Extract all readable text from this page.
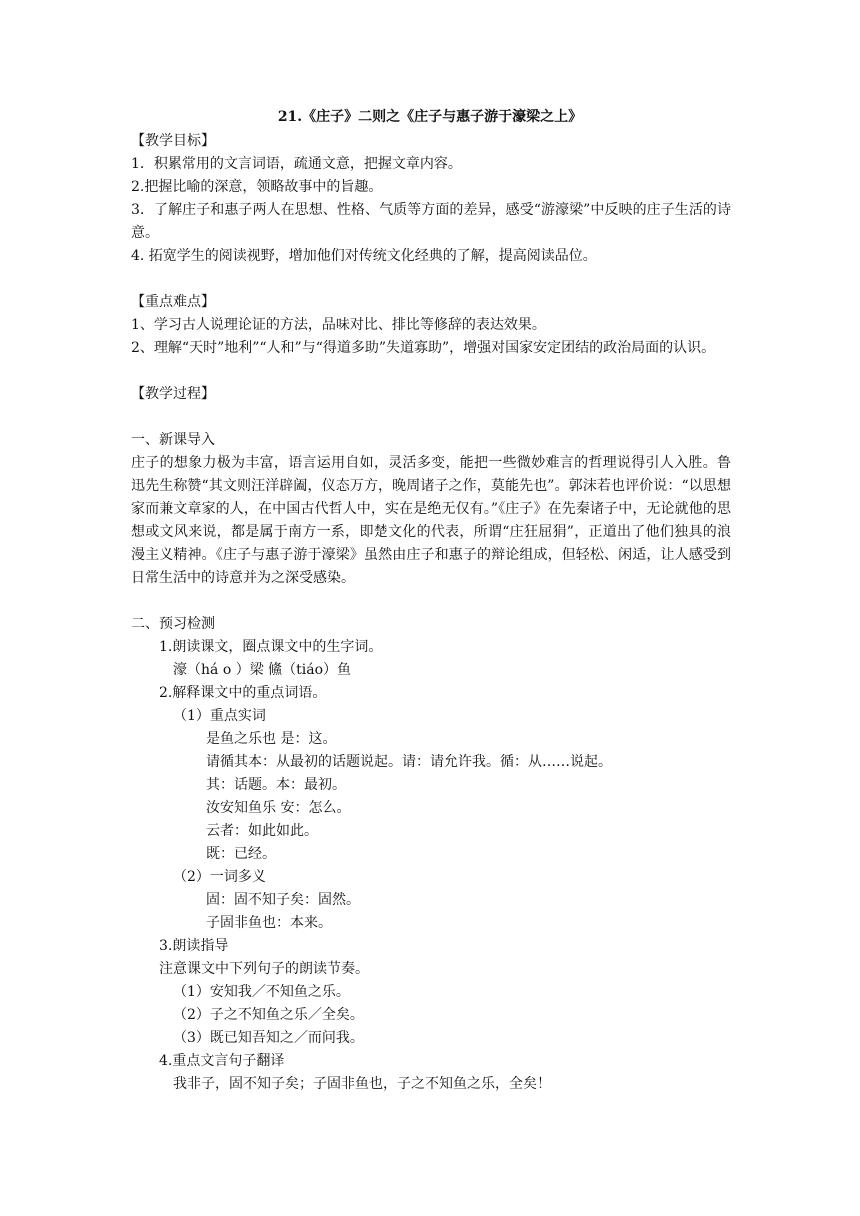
21.《庄子》二则之《庄子与惠子游于濠梁之上》

【教学目标】

1．积累常用的文言词语，疏通文意，把握文章内容。

2.把握比喻的深意，领略故事中的旨趣。

3．了解庄子和惠子两人在思想、性格、气质等方面的差异，感受“游濠梁”中反映的庄子生活的诗意。

4. 拓宽学生的阅读视野，增加他们对传统文化经典的了解，提高阅读品位。

【重点难点】

1、学习古人说理论证的方法，品味对比、排比等修辞的表达效果。

2、理解“天时”地利”“人和”与“得道多助”失道寡助”，增强对国家安定团结的政治局面的认识。

【教学过程】

一、新课导入

庄子的想象力极为丰富，语言运用自如，灵活多变，能把一些微妙难言的哲理说得引人入胜。鲁迅先生称赞“其文则汪洋辟阖，仪态万方，晚周诸子之作，莫能先也”。郭沫若也评价说：“以思想家而兼文章家的人，在中国古代哲人中，实在是绝无仅有。”《庄子》在先秦诸子中，无论就他的思想或文风来说，都是属于南方一系，即楚文化的代表，所谓“庄狂屈狷”，正道出了他们独具的浪漫主义精神。《庄子与惠子游于濠梁》虽然由庄子和惠子的辩论组成，但轻松、闲适，让人感受到日常生活中的诗意并为之深受感染。

二、预习检测

1.朗读课文，圈点课文中的生字词。

濠（há o ）梁 鯈（tiáo）鱼

2.解释课文中的重点词语。

（1）重点实词

是鱼之乐也 是：这。

请循其本：从最初的话题说起。请：请允许我。循：从……说起。

其：话题。本：最初。

汝安知鱼乐 安：怎么。

云者：如此如此。

既：已经。

（2）一词多义

固：固不知子矣：固然。

子固非鱼也：本来。

3.朗读指导

注意课文中下列句子的朗读节奏。

（1）安知我／不知鱼之乐。

（2）子之不知鱼之乐／全矣。

（3）既已知吾知之／而问我。

4.重点文言句子翻译

我非子，固不知子矣；子固非鱼也，子之不知鱼之乐，全矣！
